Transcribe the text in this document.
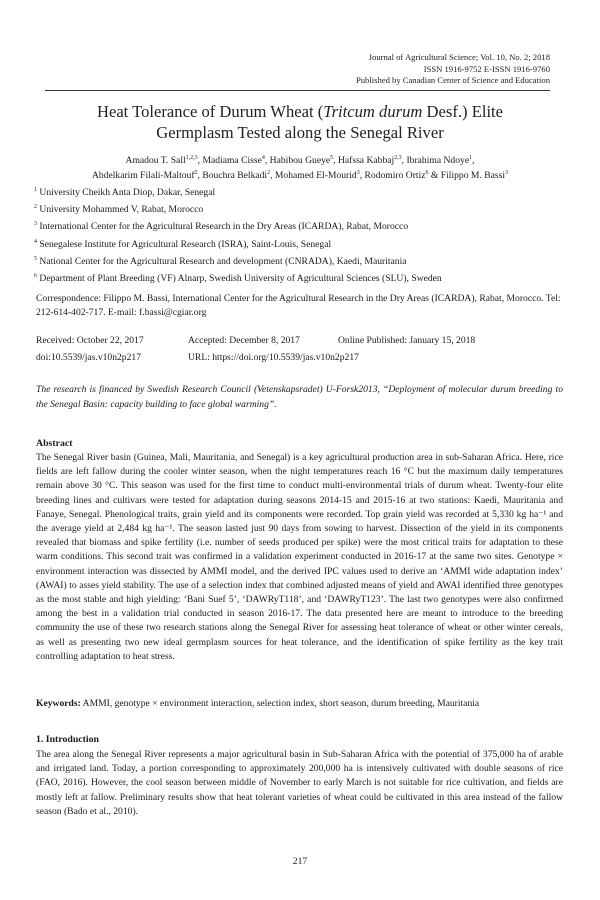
Journal of Agricultural Science; Vol. 10, No. 2; 2018
ISSN 1916-9752 E-ISSN 1916-9760
Published by Canadian Center of Science and Education
Heat Tolerance of Durum Wheat (Tritcum durum Desf.) Elite
Germplasm Tested along the Senegal River
Amadou T. Sall$^{1,2,3}$, Madiama Cisse$^4$, Habibou Gueye$^5$, Hafssa Kabbaj$^{2,3}$, Ibrahima Ndoye$^1$,
Abdelkarim Filali-Maltouf$^2$, Bouchra Belkadi$^2$, Mohamed El-Mourid$^3$, Rodomiro Ortiz$^6$ & Filippo M. Bassi$^3$
$^1$ University Cheikh Anta Diop, Dakar, Senegal
$^2$ University Mohammed V, Rabat, Morocco
$^3$ International Center for the Agricultural Research in the Dry Areas (ICARDA), Rabat, Morocco
$^4$ Senegalese Institute for Agricultural Research (ISRA), Saint-Louis, Senegal
$^5$ National Center for the Agricultural Research and development (CNRADA), Kaedi, Mauritania
$^6$ Department of Plant Breeding (VF) Alnarp, Swedish University of Agricultural Sciences (SLU), Sweden
Correspondence: Filippo M. Bassi, International Center for the Agricultural Research in the Dry Areas (ICARDA), Rabat, Morocco. Tel: 212-614-402-717. E-mail: f.bassi@cgiar.org
Received: October 22, 2017	Accepted: December 8, 2017	Online Published: January 15, 2018
doi:10.5539/jas.v10n2p217	URL: https://doi.org/10.5539/jas.v10n2p217
The research is financed by Swedish Research Council (Vetenskapsradet) U-Forsk2013, “Deployment of molecular durum breeding to the Senegal Basin: capacity building to face global warming”.
Abstract
The Senegal River basin (Guinea, Mali, Mauritania, and Senegal) is a key agricultural production area in sub-Saharan Africa. Here, rice fields are left fallow during the cooler winter season, when the night temperatures reach 16 °C but the maximum daily temperatures remain above 30 °C. This season was used for the first time to conduct multi-environmental trials of durum wheat. Twenty-four elite breeding lines and cultivars were tested for adaptation during seasons 2014-15 and 2015-16 at two stations: Kaedi, Mauritania and Fanaye, Senegal. Phenological traits, grain yield and its components were recorded. Top grain yield was recorded at 5,330 kg ha⁻¹ and the average yield at 2,484 kg ha⁻¹. The season lasted just 90 days from sowing to harvest. Dissection of the yield in its components revealed that biomass and spike fertility (i.e. number of seeds produced per spike) were the most critical traits for adaptation to these warm conditions. This second trait was confirmed in a validation experiment conducted in 2016-17 at the same two sites. Genotype × environment interaction was dissected by AMMI model, and the derived IPC values used to derive an ‘AMMI wide adaptation index’ (AWAI) to asses yield stability. The use of a selection index that combined adjusted means of yield and AWAI identified three genotypes as the most stable and high yielding: ‘Bani Suef 5’, ‘DAWRyT118’, and ‘DAWRyT123’. The last two genotypes were also confirmed among the best in a validation trial conducted in season 2016-17. The data presented here are meant to introduce to the breeding community the use of these two research stations along the Senegal River for assessing heat tolerance of wheat or other winter cereals, as well as presenting two new ideal germplasm sources for heat tolerance, and the identification of spike fertility as the key trait controlling adaptation to heat stress.
Keywords: AMMI, genotype × environment interaction, selection index, short season, durum breeding, Mauritania
1. Introduction
The area along the Senegal River represents a major agricultural basin in Sub-Saharan Africa with the potential of 375,000 ha of arable and irrigated land. Today, a portion corresponding to approximately 200,000 ha is intensively cultivated with double seasons of rice (FAO, 2016). However, the cool season between middle of November to early March is not suitable for rice cultivation, and fields are mostly left at fallow. Preliminary results show that heat tolerant varieties of wheat could be cultivated in this area instead of the fallow season (Bado et al., 2010).
217
